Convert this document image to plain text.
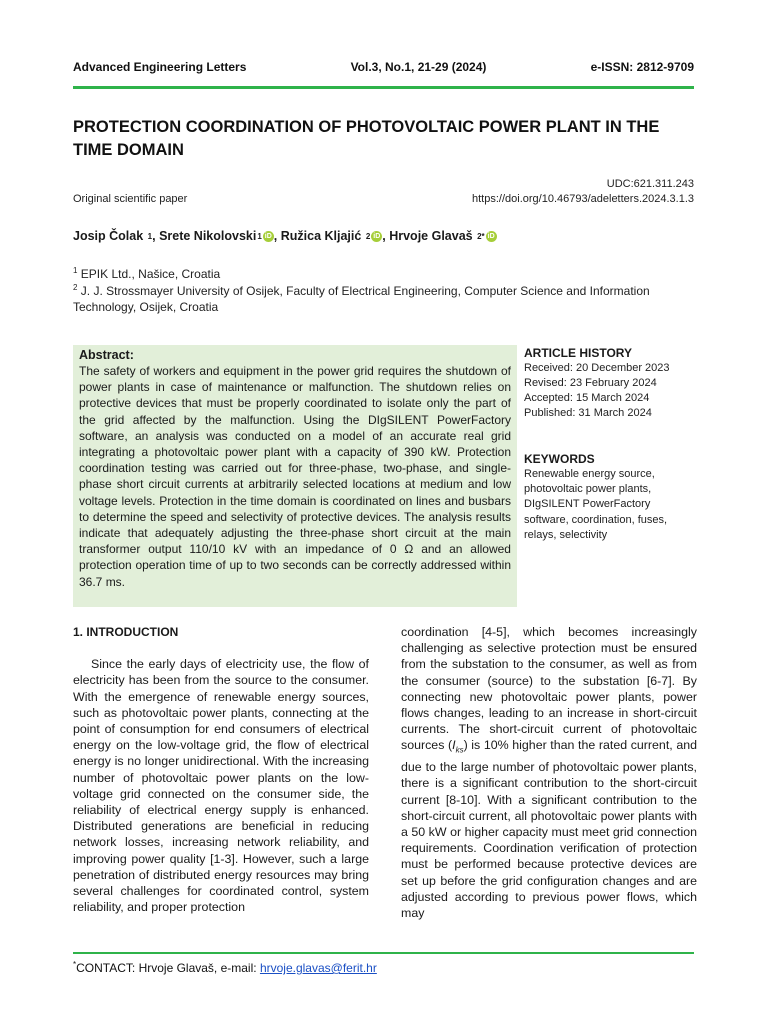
Advanced Engineering Letters	Vol.3, No.1, 21-29 (2024)	e-ISSN: 2812-9709
PROTECTION COORDINATION OF PHOTOVOLTAIC POWER PLANT IN THE TIME DOMAIN
UDC:621.311.243
Original scientific paper	https://doi.org/10.46793/adeletters.2024.3.1.3
Josip Čolak
1 , Srete Nikolovski 1 iD , Ružica Kljajić
2 iD , Hrvoje Glavaš
2* iD
$^1$ EPIK Ltd., Našice, Croatia
$^2$ J. J. Strossmayer University of Osijek, Faculty of Electrical Engineering, Computer Science and Information Technology, Osijek, Croatia
Abstract:
The safety of workers and equipment in the power grid requires the shutdown of power plants in case of maintenance or malfunction. The shutdown relies on protective devices that must be properly coordinated to isolate only the part of the grid affected by the malfunction. Using the DIgSILENT PowerFactory software, an analysis was conducted on a model of an accurate real grid integrating a photovoltaic power plant with a capacity of 390 kW. Protection coordination testing was carried out for three-phase, two-phase, and single-phase short circuit currents at arbitrarily selected locations at medium and low voltage levels. Protection in the time domain is coordinated on lines and busbars to determine the speed and selectivity of protective devices. The analysis results indicate that adequately adjusting the three-phase short circuit at the main transformer output 110/10 kV with an impedance of 0 Ω and an allowed protection operation time of up to two seconds can be correctly addressed within 36.7 ms.
ARTICLE HISTORY
Received: 20 December 2023
Revised: 23 February 2024
Accepted: 15 March 2024
Published: 31 March 2024
KEYWORDS
Renewable energy source, photovoltaic power plants, DIgSILENT PowerFactory software, coordination, fuses, relays, selectivity
1. INTRODUCTION

Since the early days of electricity use, the flow of electricity has been from the source to the consumer. With the emergence of renewable energy sources, such as photovoltaic power plants, connecting at the point of consumption for end consumers of electrical energy on the low-voltage grid, the flow of electrical energy is no longer unidirectional. With the increasing number of photovoltaic power plants on the low-voltage grid connected on the consumer side, the reliability of electrical energy supply is enhanced. Distributed generations are beneficial in reducing network losses, increasing network reliability, and improving power quality [1-3]. However, such a large penetration of distributed energy resources may bring several challenges for coordinated control, system reliability, and proper protection

coordination [4-5], which becomes increasingly challenging as selective protection must be ensured from the substation to the consumer, as well as from the consumer (source) to the substation [6-7]. By connecting new photovoltaic power plants, power flows changes, leading to an increase in short-circuit currents. The short-circuit current of photovoltaic sources $(I_{ks})$ is 10% higher than the rated current, and due to the large number of photovoltaic power plants, there is a significant contribution to the short-circuit current [8-10]. With a significant contribution to the short-circuit current, all photovoltaic power plants with a 50 kW or higher capacity must meet grid connection requirements. Coordination verification of protection must be performed because protective devices are set up before the grid configuration changes and are adjusted according to previous power flows, which may

*CONTACT: Hrvoje Glavaš, e-mail: hrvoje.glavas@ferit.hr
